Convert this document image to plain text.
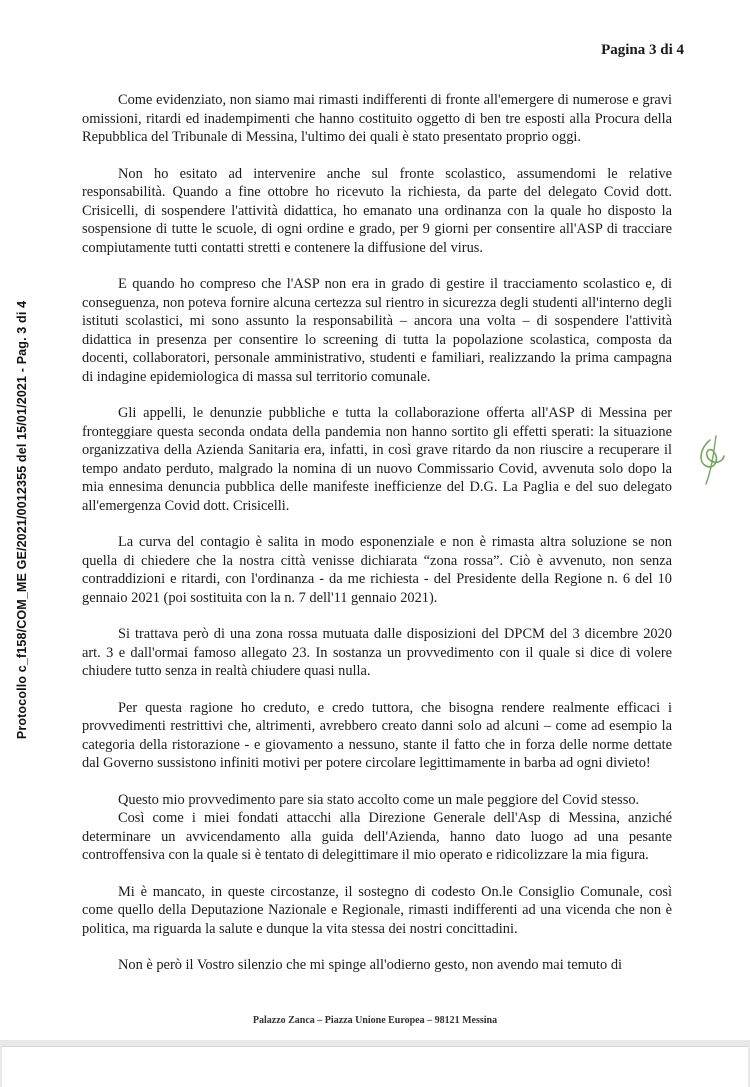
Pagina 3 di 4

Protocollo c_f158/COM_ME GE/2021/0012355 del 15/01/2021 - Pag. 3 di 4

Come evidenziato, non siamo mai rimasti indifferenti di fronte all'emergere di numerose e gravi omissioni, ritardi ed inadempimenti che hanno costituito oggetto di ben tre esposti alla Procura della Repubblica del Tribunale di Messina, l'ultimo dei quali è stato presentato proprio oggi.

Non ho esitato ad intervenire anche sul fronte scolastico, assumendomi le relative responsabilità. Quando a fine ottobre ho ricevuto la richiesta, da parte del delegato Covid dott. Crisicelli, di sospendere l'attività didattica, ho emanato una ordinanza con la quale ho disposto la sospensione di tutte le scuole, di ogni ordine e grado, per 9 giorni per consentire all'ASP di tracciare compiutamente tutti contatti stretti e contenere la diffusione del virus.

E quando ho compreso che l'ASP non era in grado di gestire il tracciamento scolastico e, di conseguenza, non poteva fornire alcuna certezza sul rientro in sicurezza degli studenti all'interno degli istituti scolastici, mi sono assunto la responsabilità – ancora una volta – di sospendere l'attività didattica in presenza per consentire lo screening di tutta la popolazione scolastica, composta da docenti, collaboratori, personale amministrativo, studenti e familiari, realizzando la prima campagna di indagine epidemiologica di massa sul territorio comunale.

Gli appelli, le denunzie pubbliche e tutta la collaborazione offerta all'ASP di Messina per fronteggiare questa seconda ondata della pandemia non hanno sortito gli effetti sperati: la situazione organizzativa della Azienda Sanitaria era, infatti, in così grave ritardo da non riuscire a recuperare il tempo andato perduto, malgrado la nomina di un nuovo Commissario Covid, avvenuta solo dopo la mia ennesima denuncia pubblica delle manifeste inefficienze del D.G. La Paglia e del suo delegato all'emergenza Covid dott. Crisicelli.

La curva del contagio è salita in modo esponenziale e non è rimasta altra soluzione se non quella di chiedere che la nostra città venisse dichiarata “zona rossa”. Ciò è avvenuto, non senza contraddizioni e ritardi, con l'ordinanza - da me richiesta - del Presidente della Regione n. 6 del 10 gennaio 2021 (poi sostituita con la n. 7 dell'11 gennaio 2021).

Si trattava però di una zona rossa mutuata dalle disposizioni del DPCM del 3 dicembre 2020 art. 3 e dall'ormai famoso allegato 23. In sostanza un provvedimento con il quale si dice di volere chiudere tutto senza in realtà chiudere quasi nulla.

Per questa ragione ho creduto, e credo tuttora, che bisogna rendere realmente efficaci i provvedimenti restrittivi che, altrimenti, avrebbero creato danni solo ad alcuni – come ad esempio la categoria della ristorazione - e giovamento a nessuno, stante il fatto che in forza delle norme dettate dal Governo sussistono infiniti motivi per potere circolare legittimamente in barba ad ogni divieto!

Questo mio provvedimento pare sia stato accolto come un male peggiore del Covid stesso.

Così come i miei fondati attacchi alla Direzione Generale dell'Asp di Messina, anziché determinare un avvicendamento alla guida dell'Azienda, hanno dato luogo ad una pesante controffensiva con la quale si è tentato di delegittimare il mio operato e ridicolizzare la mia figura.

Mi è mancato, in queste circostanze, il sostegno di codesto On.le Consiglio Comunale, così come quello della Deputazione Nazionale e Regionale, rimasti indifferenti ad una vicenda che non è politica, ma riguarda la salute e dunque la vita stessa dei nostri concittadini.

Non è però il Vostro silenzio che mi spinge all'odierno gesto, non avendo mai temuto di

Palazzo Zanca – Piazza Unione Europea – 98121 Messina
